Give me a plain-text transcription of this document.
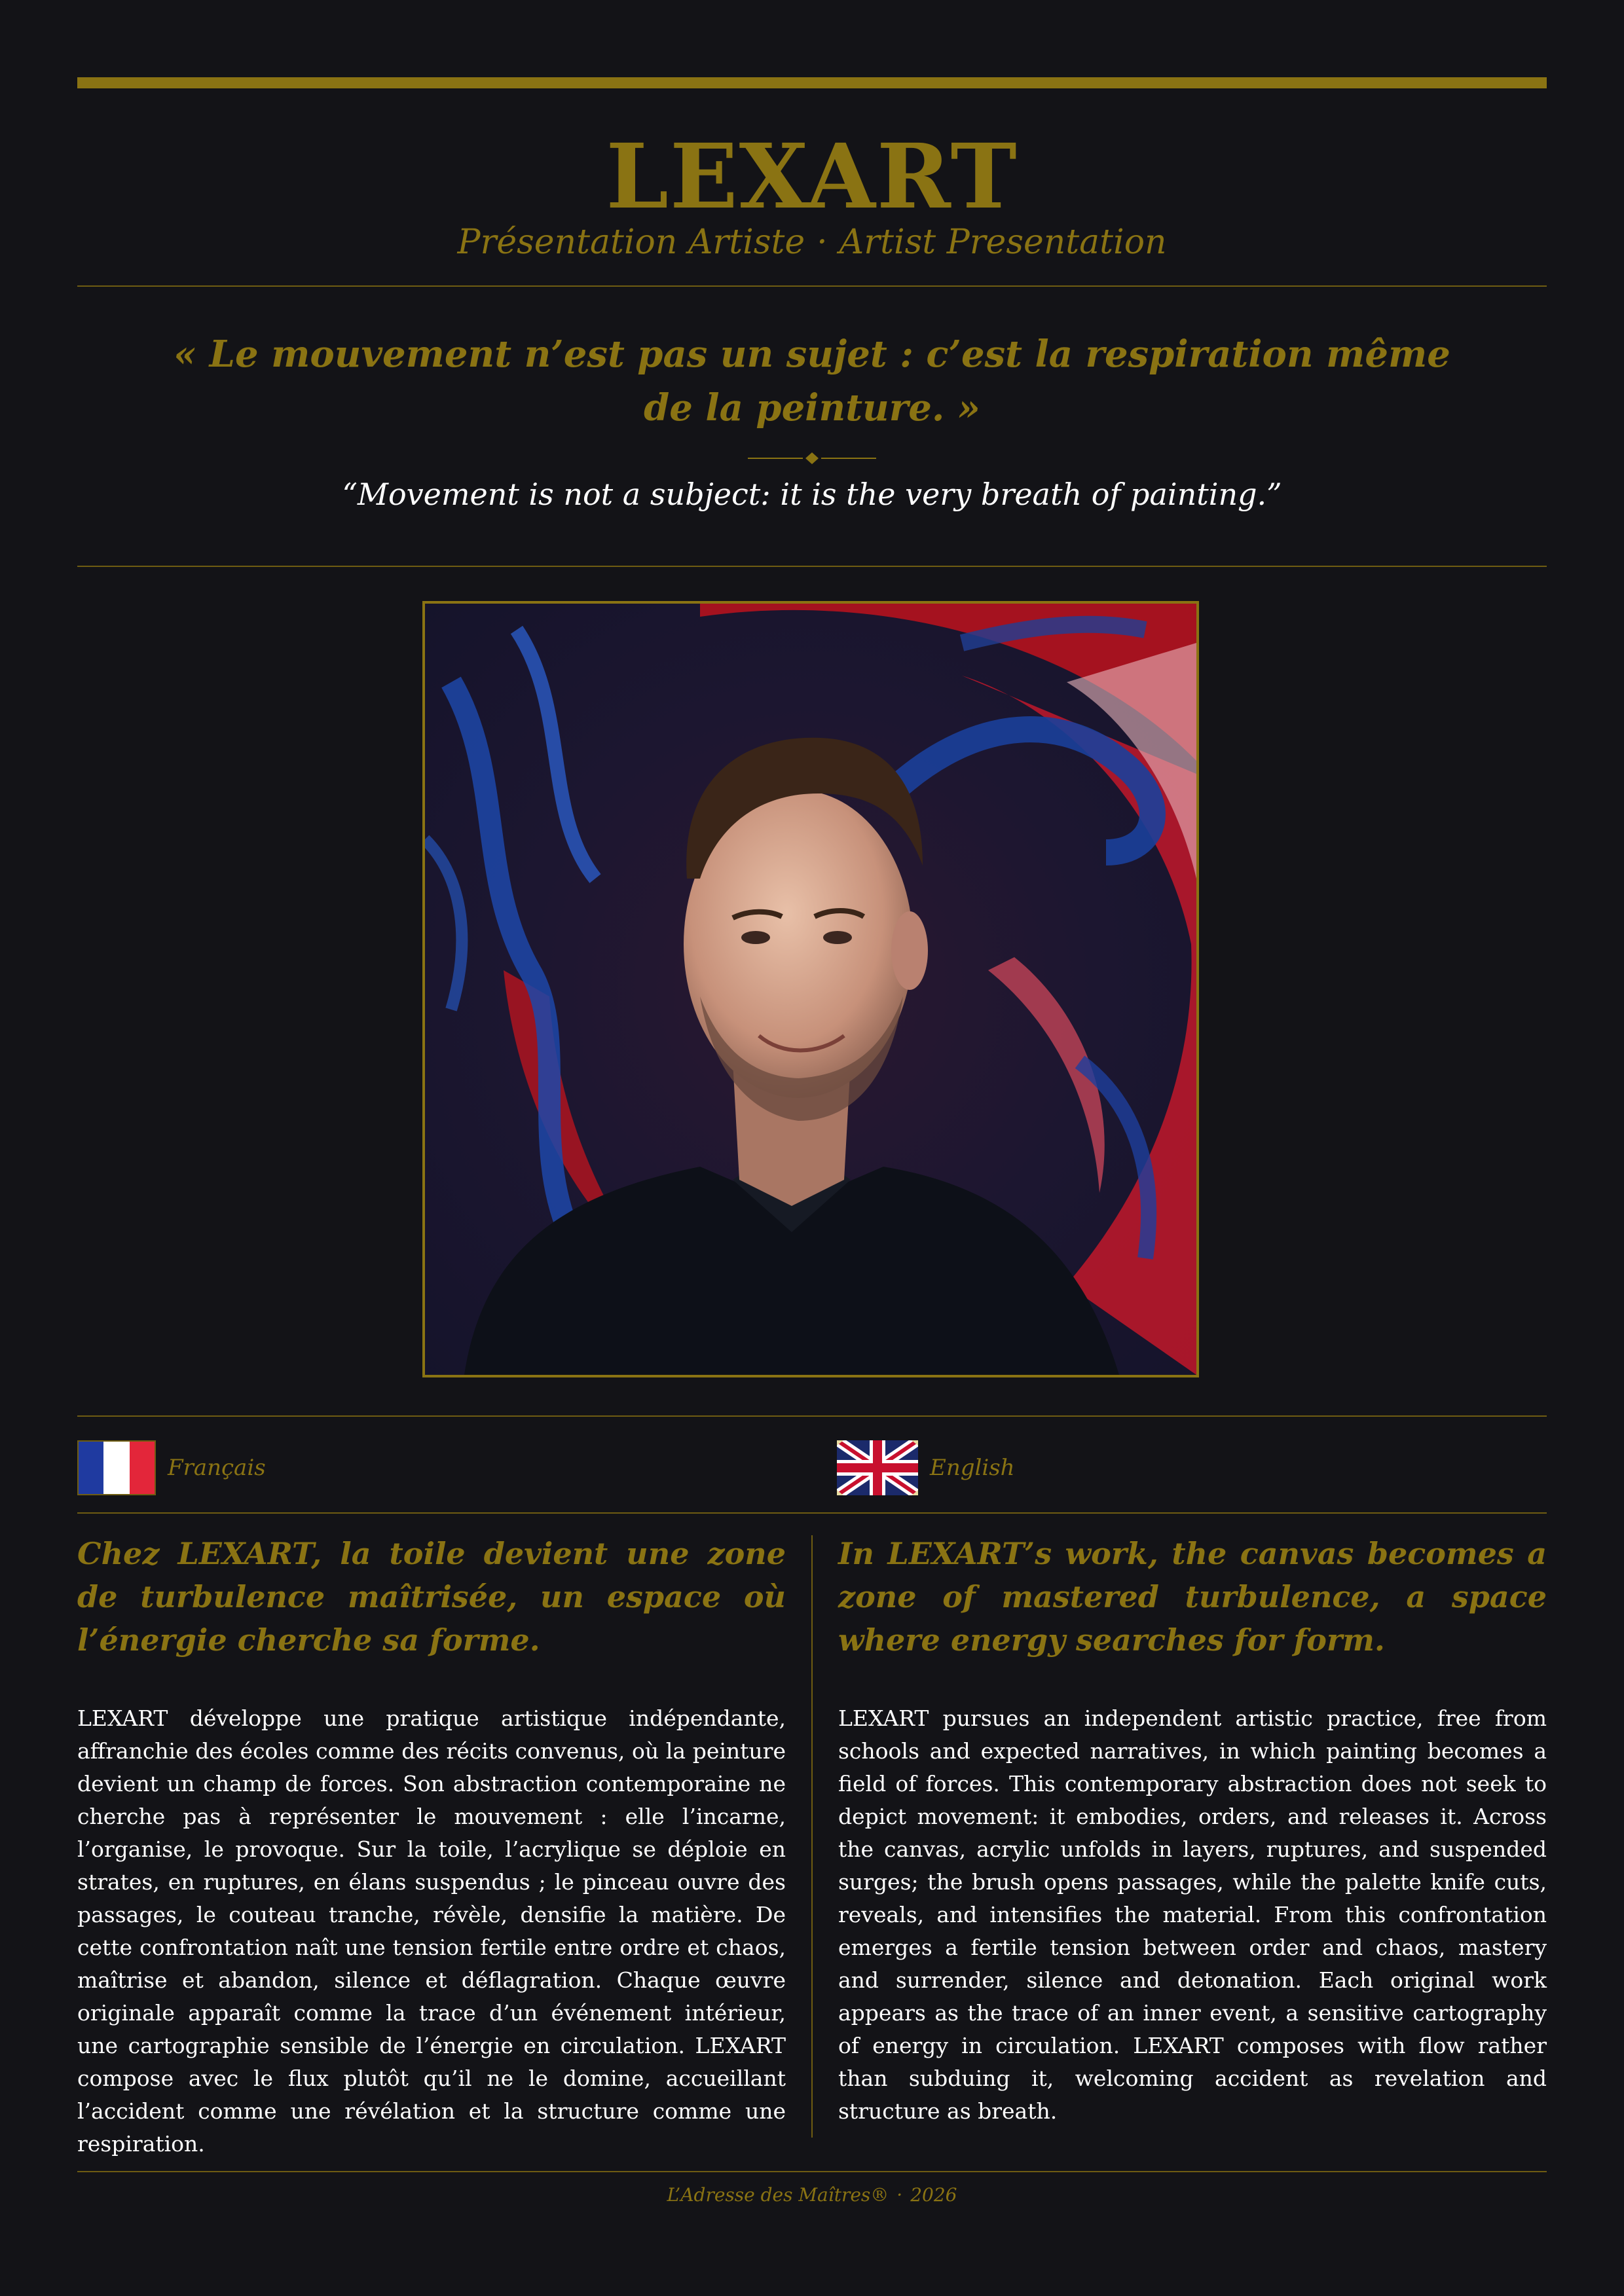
LEXART
Présentation Artiste · Artist Presentation
« Le mouvement n’est pas un sujet : c’est la respiration même de la peinture. »
“Movement is not a subject: it is the very breath of painting.”
Français	English

Chez LEXART, la toile devient une zone de turbulence maîtrisée, un espace où l’énergie cherche sa forme.

LEXART développe une pratique artistique indépendante, affranchie des écoles comme des récits convenus, où la peinture devient un champ de forces. Son abstraction contemporaine ne cherche pas à représenter le mouvement : elle l’incarne, l’organise, le provoque. Sur la toile, l’acrylique se déploie en strates, en ruptures, en élans suspendus ; le pinceau ouvre des passages, le couteau tranche, révèle, densifie la matière. De cette confrontation naît une tension fertile entre ordre et chaos, maîtrise et abandon, silence et déflagration. Chaque œuvre originale apparaît comme la trace d’un événement intérieur, une cartographie sensible de l’énergie en circulation. LEXART compose avec le flux plutôt qu’il ne le domine, accueillant l’accident comme une révélation et la structure comme une respiration.

In LEXART’s work, the canvas becomes a zone of mastered turbulence, a space where energy searches for form.

LEXART pursues an independent artistic practice, free from schools and expected narratives, in which painting becomes a field of forces. This contemporary abstraction does not seek to depict movement: it embodies, orders, and releases it. Across the canvas, acrylic unfolds in layers, ruptures, and suspended surges; the brush opens passages, while the palette knife cuts, reveals, and intensifies the material. From this confrontation emerges a fertile tension between order and chaos, mastery and surrender, silence and detonation. Each original work appears as the trace of an inner event, a sensitive cartography of energy in circulation. LEXART composes with flow rather than subduing it, welcoming accident as revelation and structure as breath.

L’Adresse des Maîtres® · 2026
